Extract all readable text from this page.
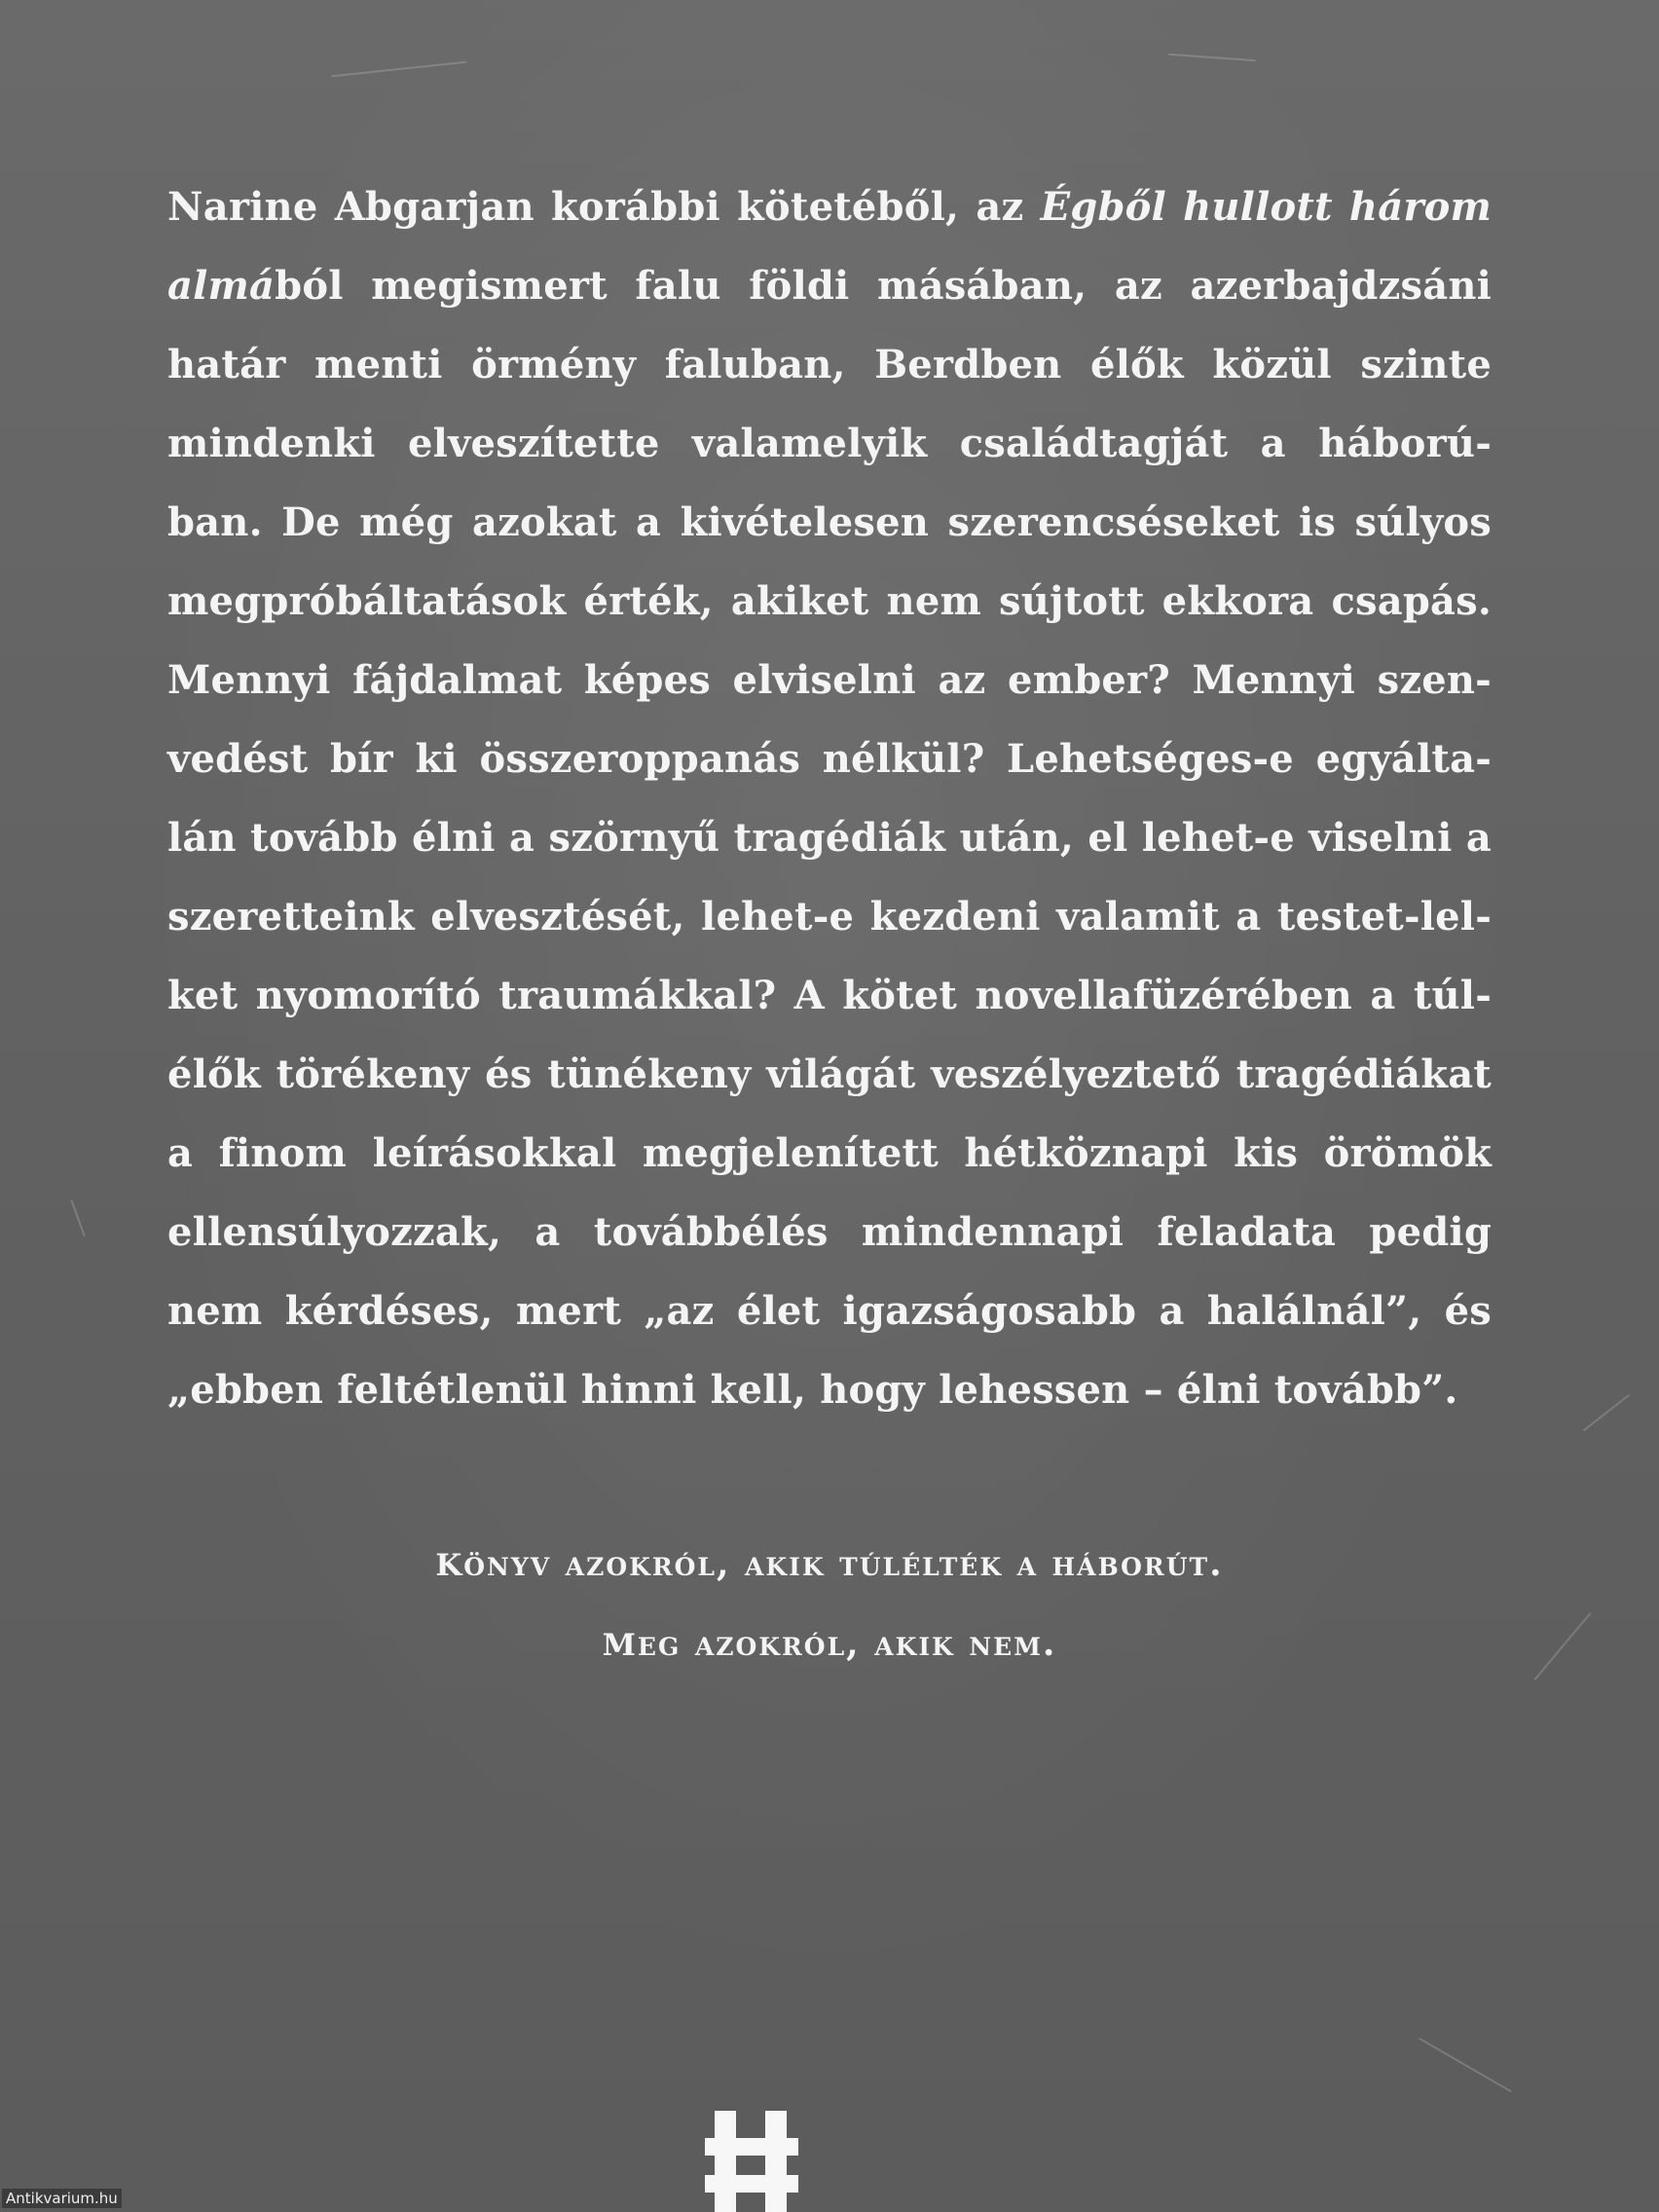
Narine Abgarjan korábbi kötetéből, az Égből hullott három
almából megismert falu földi másában, az azerbajdzsáni
határ menti örmény faluban, Berdben élők közül szinte
mindenki elveszítette valamelyik családtagját a háború-
ban. De még azokat a kivételesen szerencséseket is súlyos
megpróbáltatások érték, akiket nem sújtott ekkora csapás.
Mennyi fájdalmat képes elviselni az ember? Mennyi szen-
vedést bír ki összeroppanás nélkül? Lehetséges-e egyálta-
lán tovább élni a szörnyű tragédiák után, el lehet-e viselni a
szeretteink elvesztését, lehet-e kezdeni valamit a testet-lel-
ket nyomorító traumákkal? A kötet novellafüzérében a túl-
élők törékeny és tünékeny világát veszélyeztető tragédiákat
a finom leírásokkal megjelenített hétköznapi kis örömök
ellensúlyozzak, a továbbélés mindennapi feladata pedig
nem kérdéses, mert „az élet igazságosabb a halálnál”, és
„ebben feltétlenül hinni kell, hogy lehessen – élni tovább”.
könyv azokról, akik túlélték a háborút.
meg azokról, akik nem.
Antikvarium.hu
